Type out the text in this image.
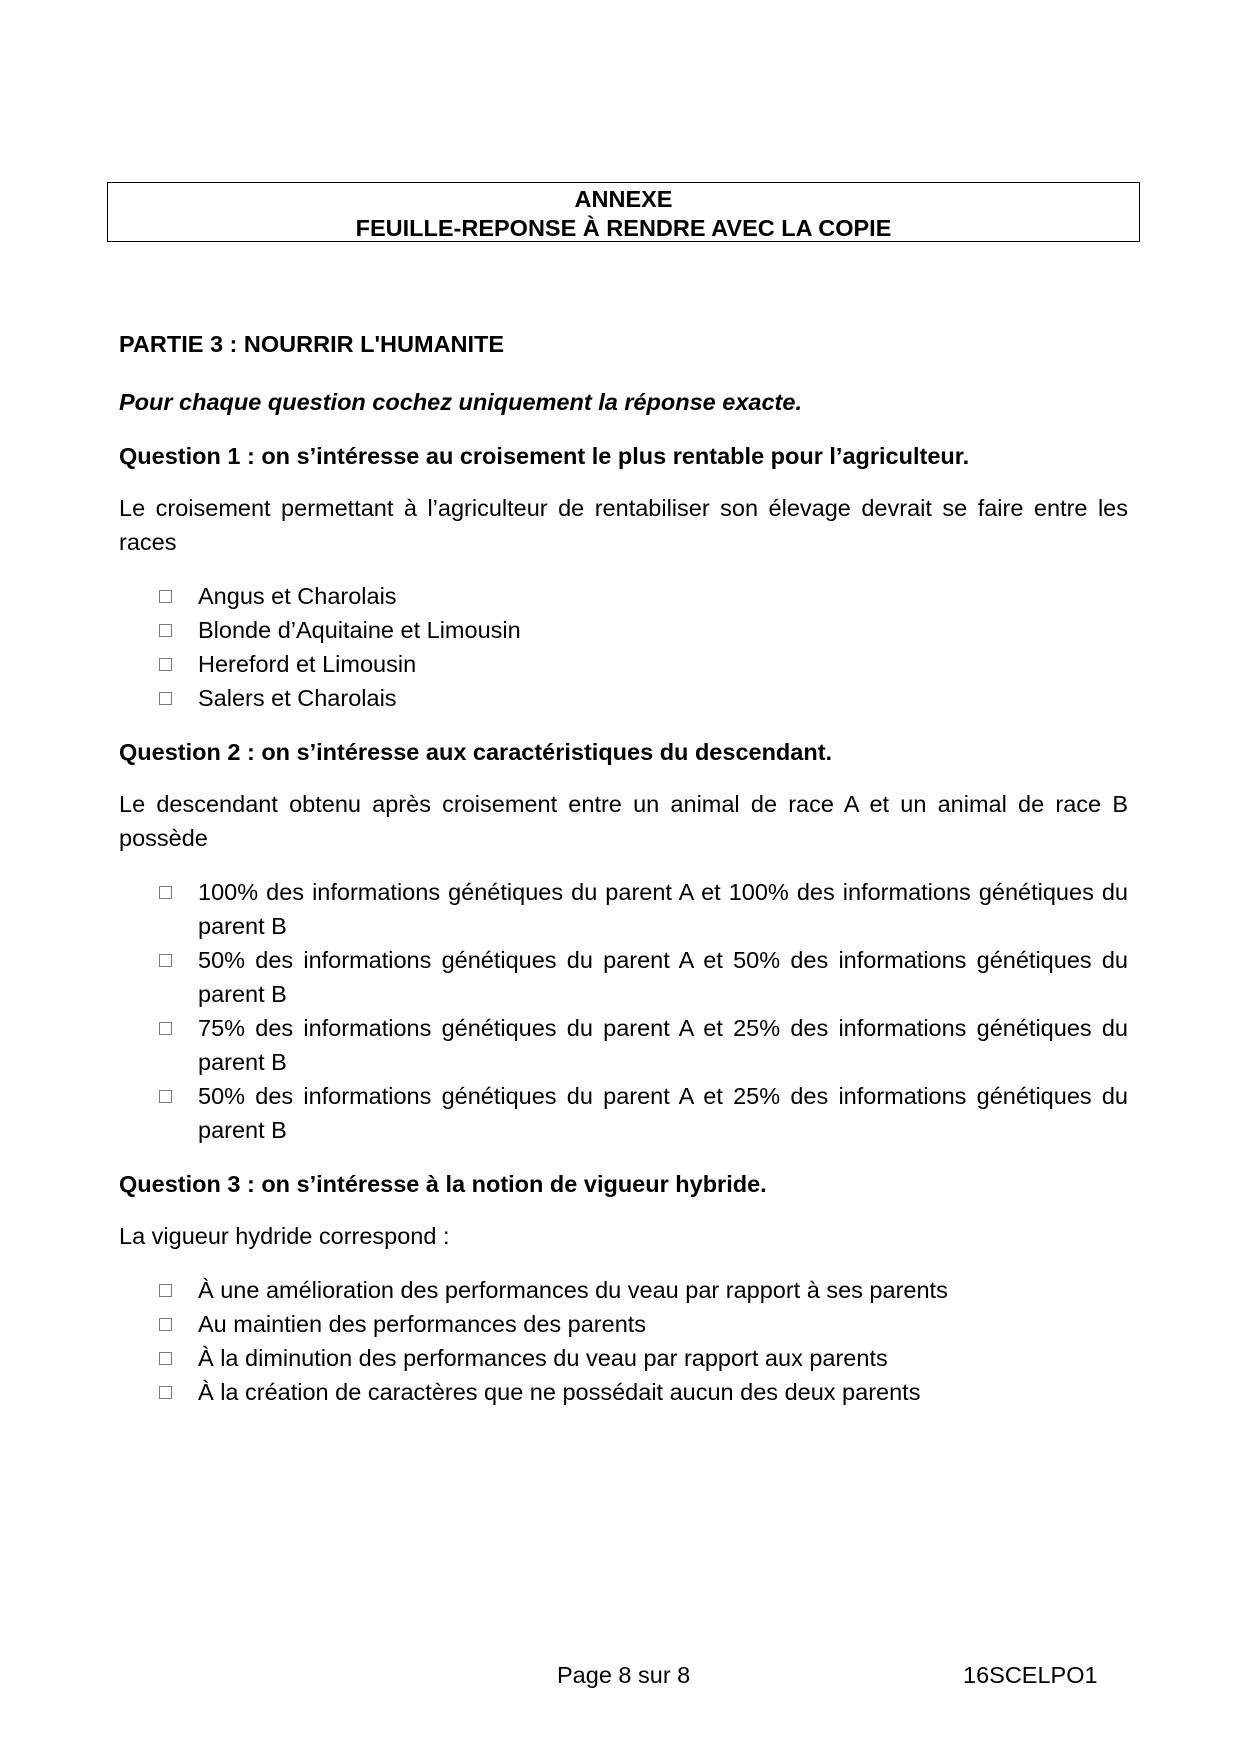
ANNEXE
FEUILLE-REPONSE À RENDRE AVEC LA COPIE

PARTIE 3 : NOURRIR L'HUMANITE

Pour chaque question cochez uniquement la réponse exacte.

Question 1 : on s’intéresse au croisement le plus rentable pour l’agriculteur.

Le croisement permettant à l’agriculteur de rentabiliser son élevage devrait se faire entre les races

Angus et Charolais
Blonde d’Aquitaine et Limousin
Hereford et Limousin
Salers et Charolais

Question 2 : on s’intéresse aux caractéristiques du descendant.

Le descendant obtenu après croisement entre un animal de race A et un animal de race B possède

100% des informations génétiques du parent A et 100% des informations génétiques du parent B
50% des informations génétiques du parent A et 50% des informations génétiques du parent B
75% des informations génétiques du parent A et 25% des informations génétiques du parent B
50% des informations génétiques du parent A et 25% des informations génétiques du parent B

Question 3 : on s’intéresse à la notion de vigueur hybride.

La vigueur hydride correspond :

À une amélioration des performances du veau par rapport à ses parents
Au maintien des performances des parents
À la diminution des performances du veau par rapport aux parents
À la création de caractères que ne possédait aucun des deux parents
Page 8 sur 8	16SCELPO1
